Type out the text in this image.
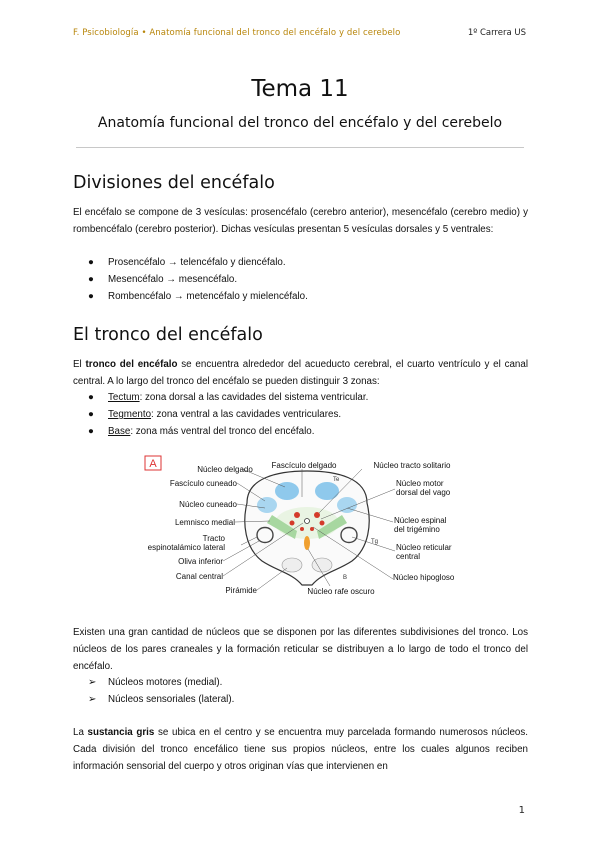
F. Psicobiología • Anatomía funcional del tronco del encéfalo y del cerebelo	1º Carrera US
Tema 11
Anatomía funcional del tronco del encéfalo y del cerebelo
Divisiones del encéfalo

El encéfalo se compone de 3 vesículas: prosencéfalo (cerebro anterior), mesencéfalo (cerebro medio) y rombencéfalo (cerebro posterior). Dichas vesículas presentan 5 vesículas dorsales y 5 ventrales:

● Prosencéfalo → telencéfalo y diencéfalo.
● Mesencéfalo → mesencéfalo.
● Rombencéfalo → metencéfalo y mielencéfalo.
El tronco del encéfalo

El tronco del encéfalo se encuentra alrededor del acueducto cerebral, el cuarto ventrículo y el canal central. A lo largo del tronco del encéfalo se pueden distinguir 3 zonas:

● Tectum: zona dorsal a las cavidades del sistema ventricular.
● Tegmento: zona ventral a las cavidades ventriculares.
● Base: zona más ventral del tronco del encéfalo.
A
Te
Tg
B
Fascículo cuneado
Núcleo cuneado
Lemnisco medial
Tracto
espinotalámico lateral
Oliva inferior
Canal central
Pirámide
Núcleo delgado Fascículo delgado	Núcleo tracto solitario
Núcleo motor
dorsal del vago
Núcleo espinal
del trigémino
Núcleo reticular
central
Núcleo hipogloso
Núcleo rafe oscuro

Existen una gran cantidad de núcleos que se disponen por las diferentes subdivisiones del tronco. Los núcleos de los pares craneales y la formación reticular se distribuyen a lo largo de todo el tronco del encéfalo.

➢ Núcleos motores (medial).
➢ Núcleos sensoriales (lateral).

La sustancia gris se ubica en el centro y se encuentra muy parcelada formando numerosos núcleos. Cada división del tronco encefálico tiene sus propios núcleos, entre los cuales algunos reciben información sensorial del cuerpo y otros originan vías que intervienen en

1
